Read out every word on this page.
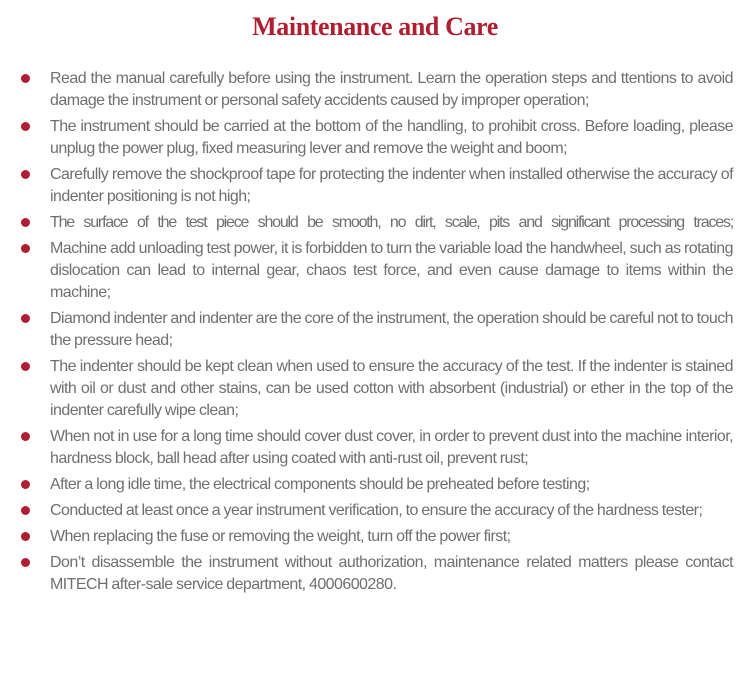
Maintenance and Care
Read the manual carefully before using the instrument. Learn the operation steps and ttentions to avoid damage the instrument or personal safety accidents caused by improper operation;
The instrument should be carried at the bottom of the handling, to prohibit cross. Before loading, please unplug the power plug, fixed measuring lever and remove the weight and boom;
Carefully remove the shockproof tape for protecting the indenter when installed otherwise the accuracy of indenter positioning is not high;
The surface of the test piece should be smooth, no dirt, scale, pits and significant processing traces;
Machine add unloading test power, it is forbidden to turn the variable load the handwheel, such as rotating dislocation can lead to internal gear, chaos test force, and even cause damage to items within the machine;
Diamond indenter and indenter are the core of the instrument, the operation should be careful not to touch the pressure head;
The indenter should be kept clean when used to ensure the accuracy of the test. If the indenter is stained with oil or dust and other stains, can be used cotton with absorbent (industrial) or ether in the top of the indenter carefully wipe clean;
When not in use for a long time should cover dust cover, in order to prevent dust into the machine interior, hardness block, ball head after using coated with anti-rust oil, prevent rust;
After a long idle time, the electrical components should be preheated before testing;
Conducted at least once a year instrument verification, to ensure the accuracy of the hardness tester;
When replacing the fuse or removing the weight, turn off the power first;
Don’t disassemble the instrument without authorization, maintenance related matters please contact MITECH after-sale service department, 4000600280.
